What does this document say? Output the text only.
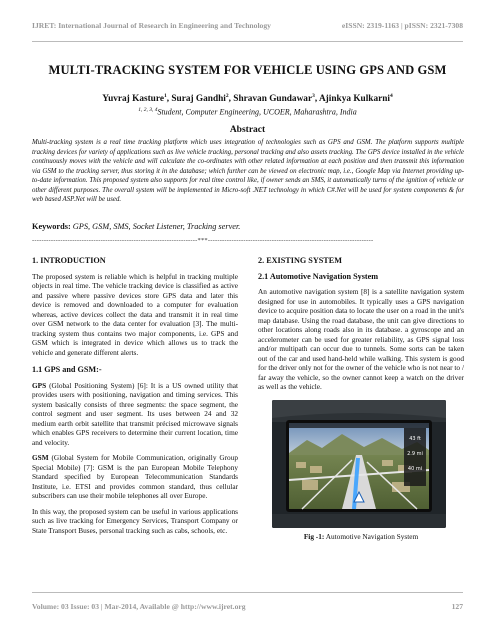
IJRET: International Journal of Research in Engineering and Technology	eISSN: 2319-1163 | pISSN: 2321-7308
MULTI-TRACKING SYSTEM FOR VEHICLE USING GPS AND GSM
Yuvraj Kasture$^1$, Suraj Gandhi$^2$, Shravan Gundawar$^3$, Ajinkya Kulkarni$^4$
$^{1, 2, 3, 4}$Student, Computer Engineering, UCOER, Maharashtra, India
Abstract
Multi-tracking system is a real time tracking platform which uses integration of technologies such as GPS and GSM. The platform supports multiple tracking devices for variety of applications such as live vehicle tracking, personal tracking and also assets tracking. The GPS device installed in the vehicle continuously moves with the vehicle and will calculate the co-ordinates with other related information at each position and then transmit this information via GSM to the tracking server, thus storing it in the database; which further can be viewed on electronic map, i.e., Google Map via Internet providing up-to-date information. This proposed system also supports for real time control like, if owner sends an SMS, it automatically turns of the ignition of vehicle or other different purposes. The overall system will be implemented in Micro-soft .NET technology in which C#.Net will be used for system components & for web based ASP.Net will be used.
Keywords: GPS, GSM, SMS, Socket Listener, Tracking server.
----------------------------------------------------------------------***----------------------------------------------------------------------
1. INTRODUCTION

The proposed system is reliable which is helpful in tracking multiple objects in real time. The vehicle tracking device is classified as active and passive where passive devices store GPS data and later this device is removed and downloaded to a computer for evaluation whereas, active devices collect the data and transmit it in real time over GSM network to the data center for evaluation [3]. The multi-tracking system thus contains two major components, i.e. GPS and GSM which is integrated in device which allows us to track the vehicle and generate different alerts.

1.1 GPS and GSM:-

GPS (Global Positioning System) [6]: It is a US owned utility that provides users with positioning, navigation and timing services. This system basically consists of three segments: the space segment, the control segment and user segment. Its uses between 24 and 32 medium earth orbit satellite that transmit précised microwave signals which enables GPS receivers to determine their current location, time and velocity.

GSM (Global System for Mobile Communication, originally Group Special Mobile) [7]: GSM is the pan European Mobile Telephony Standard specified by European Telecommunication Standards Institute, i.e. ETSI and provides common standard, thus cellular subscribers can use their mobile telephones all over Europe.

In this way, the proposed system can be useful in various applications such as live tracking for Emergency Services, Transport Company or State Transport Buses, personal tracking such as cabs, schools, etc.

2. EXISTING SYSTEM
2.1 Automotive Navigation System

An automotive navigation system [8] is a satellite navigation system designed for use in automobiles. It typically uses a GPS navigation device to acquire position data to locate the user on a road in the unit's map database. Using the road database, the unit can give directions to other locations along roads also in its database. a gyroscope and an accelerometer can be used for greater reliability, as GPS signal loss and/or multipath can occur due to tunnels. Some sorts can be taken out of the car and used hand-held while walking. This system is good for the driver only not for the owner of the vehicle who is not near to / far away the vehicle, so the owner cannot keep a watch on the driver as well as the vehicle.

43 ft
2.9 mi
40 mi
Fig -1: Automotive Navigation System
Volume: 03 Issue: 03 | Mar-2014, Available @ http://www.ijret.org	127
